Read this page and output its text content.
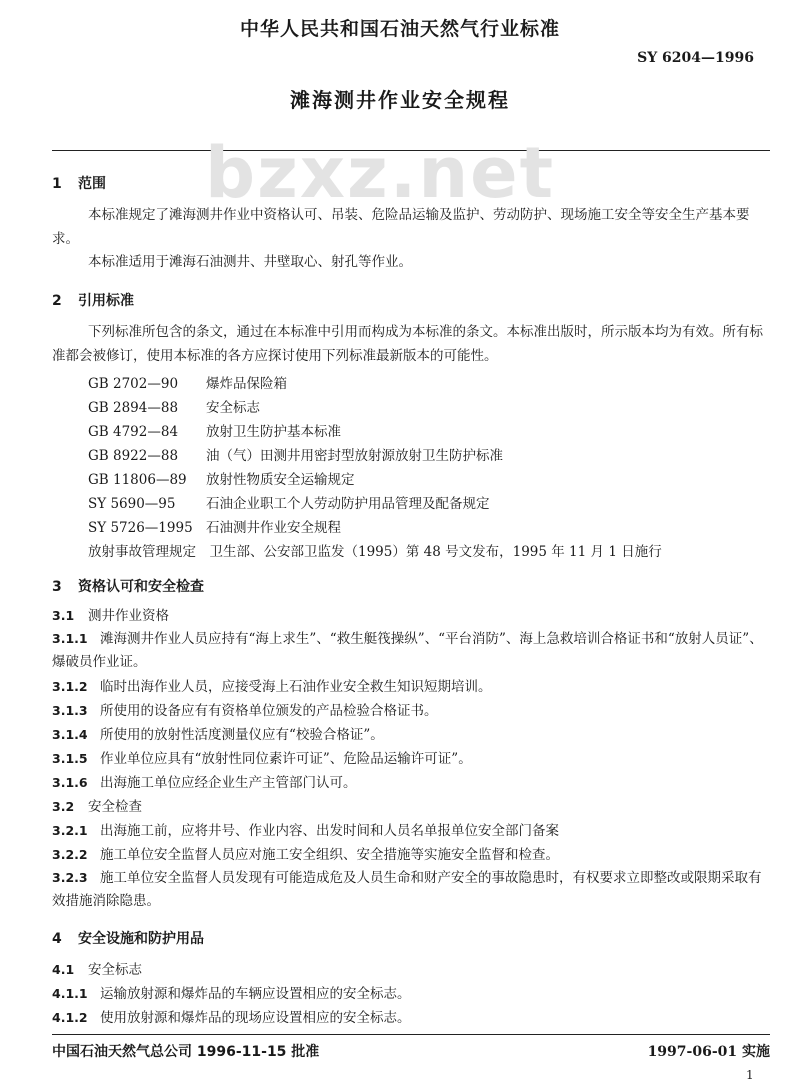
中华人民共和国石油天然气行业标准
SY 6204—1996
滩海测井作业安全规程
bzxz.net
1 范围
本标准规定了滩海测井作业中资格认可、吊装、危险品运输及监护、劳动防护、现场施工安全等安全生产基本要求。
本标准适用于滩海石油测井、井壁取心、射孔等作业。
2 引用标准
下列标准所包含的条文，通过在本标准中引用而构成为本标准的条文。本标准出版时，所示版本均为有效。所有标准都会被修订，使用本标准的各方应探讨使用下列标准最新版本的可能性。
GB 2702—90 爆炸品保险箱
GB 2894—88 安全标志
GB 4792—84 放射卫生防护基本标准
GB 8922—88 油（气）田测井用密封型放射源放射卫生防护标准
GB 11806—89 放射性物质安全运输规定
SY 5690—95 石油企业职工个人劳动防护用品管理及配备规定
SY 5726—1995 石油测井作业安全规程
放射事故管理规定　卫生部、公安部卫监发（1995）第 48 号文发布，1995 年 11 月 1 日施行
3 资格认可和安全检查
3.1 测井作业资格
3.1.1 滩海测井作业人员应持有“海上求生”、“救生艇筏操纵”、“平台消防”、海上急救培训合格证书和“放射人员证”、爆破员作业证。
3.1.2 临时出海作业人员，应接受海上石油作业安全救生知识短期培训。
3.1.3 所使用的设备应有有资格单位颁发的产品检验合格证书。
3.1.4 所使用的放射性活度测量仪应有“校验合格证”。
3.1.5 作业单位应具有“放射性同位素许可证”、危险品运输许可证”。
3.1.6 出海施工单位应经企业生产主管部门认可。
3.2 安全检查
3.2.1 出海施工前，应将井号、作业内容、出发时间和人员名单报单位安全部门备案
3.2.2 施工单位安全监督人员应对施工安全组织、安全措施等实施安全监督和检查。
3.2.3 施工单位安全监督人员发现有可能造成危及人员生命和财产安全的事故隐患时，有权要求立即整改或限期采取有效措施消除隐患。
4 安全设施和防护用品
4.1 安全标志
4.1.1 运输放射源和爆炸品的车辆应设置相应的安全标志。
4.1.2 使用放射源和爆炸品的现场应设置相应的安全标志。
中国石油天然气总公司 1996-11-15 批准	1997-06-01 实施
1
